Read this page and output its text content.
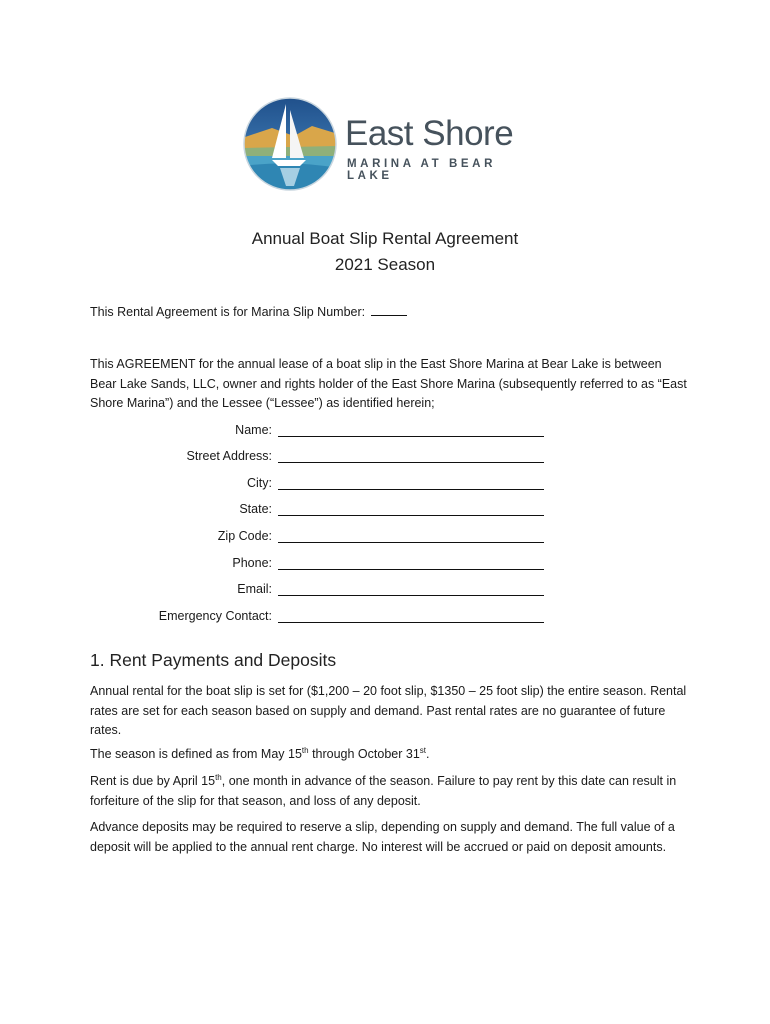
East Shore
MARINA AT BEAR LAKE
Annual Boat Slip Rental Agreement
2021 Season
This Rental Agreement is for Marina Slip Number:
This AGREEMENT for the annual lease of a boat slip in the East Shore Marina at Bear Lake is between Bear Lake Sands, LLC, owner and rights holder of the East Shore Marina (subsequently referred to as “East Shore Marina”) and the Lessee (“Lessee”) as identified herein;
Name:
Street Address:
City:
State:
Zip Code:
Phone:
Email:
Emergency Contact:
1. Rent Payments and Deposits
Annual rental for the boat slip is set for ($1,200 – 20 foot slip, $1350 – 25 foot slip) the entire season. Rental rates are set for each season based on supply and demand. Past rental rates are no guarantee of future rates.
The season is defined as from May 15th through October 31st.
Rent is due by April 15th, one month in advance of the season. Failure to pay rent by this date can result in forfeiture of the slip for that season, and loss of any deposit.
Advance deposits may be required to reserve a slip, depending on supply and demand. The full value of a deposit will be applied to the annual rent charge. No interest will be accrued or paid on deposit amounts.
